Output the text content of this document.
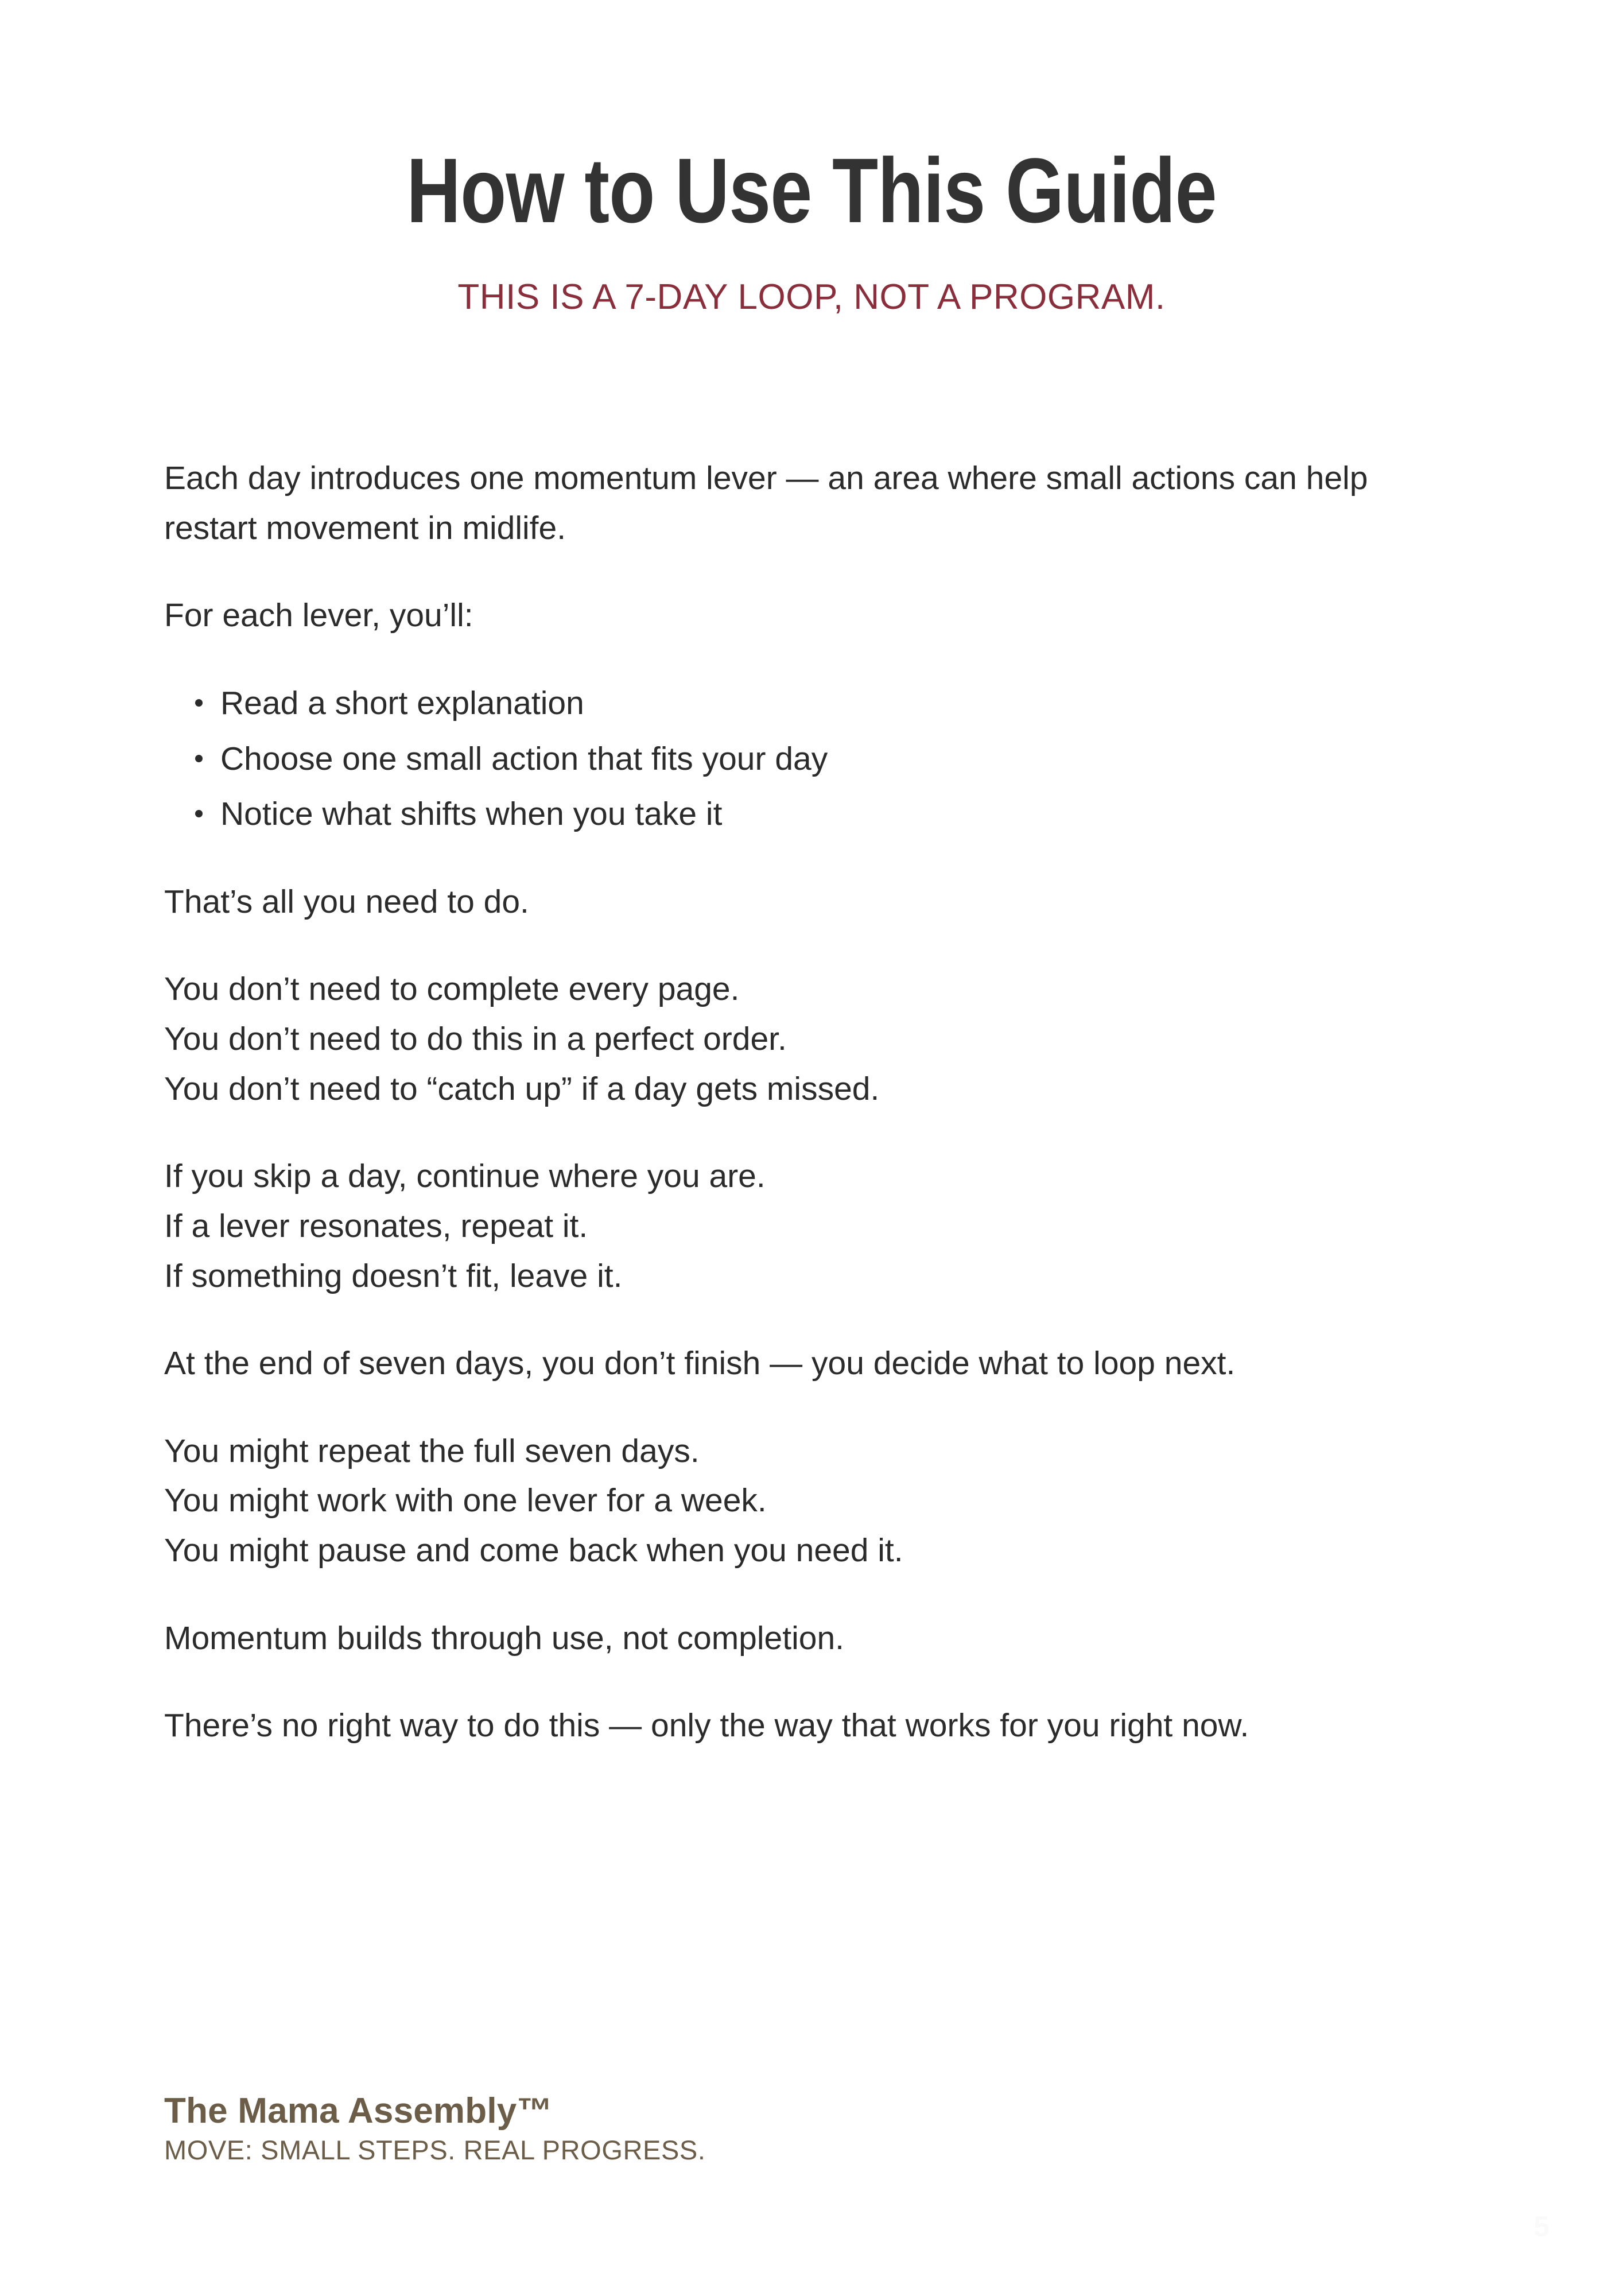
How to Use This Guide

THIS IS A 7-DAY LOOP, NOT A PROGRAM.

Each day introduces one momentum lever — an area where small actions can help restart movement in midlife.

For each lever, you’ll:

Read a short explanation
Choose one small action that fits your day
Notice what shifts when you take it

That’s all you need to do.

You don’t need to complete every page.
You don’t need to do this in a perfect order.
You don’t need to “catch up” if a day gets missed.
If you skip a day, continue where you are.
If a lever resonates, repeat it.
If something doesn’t fit, leave it.

At the end of seven days, you don’t finish — you decide what to loop next.

You might repeat the full seven days.
You might work with one lever for a week.
You might pause and come back when you need it.

Momentum builds through use, not completion.

There’s no right way to do this — only the way that works for you right now.

The Mama Assembly™

MOVE: SMALL STEPS. REAL PROGRESS.

5
